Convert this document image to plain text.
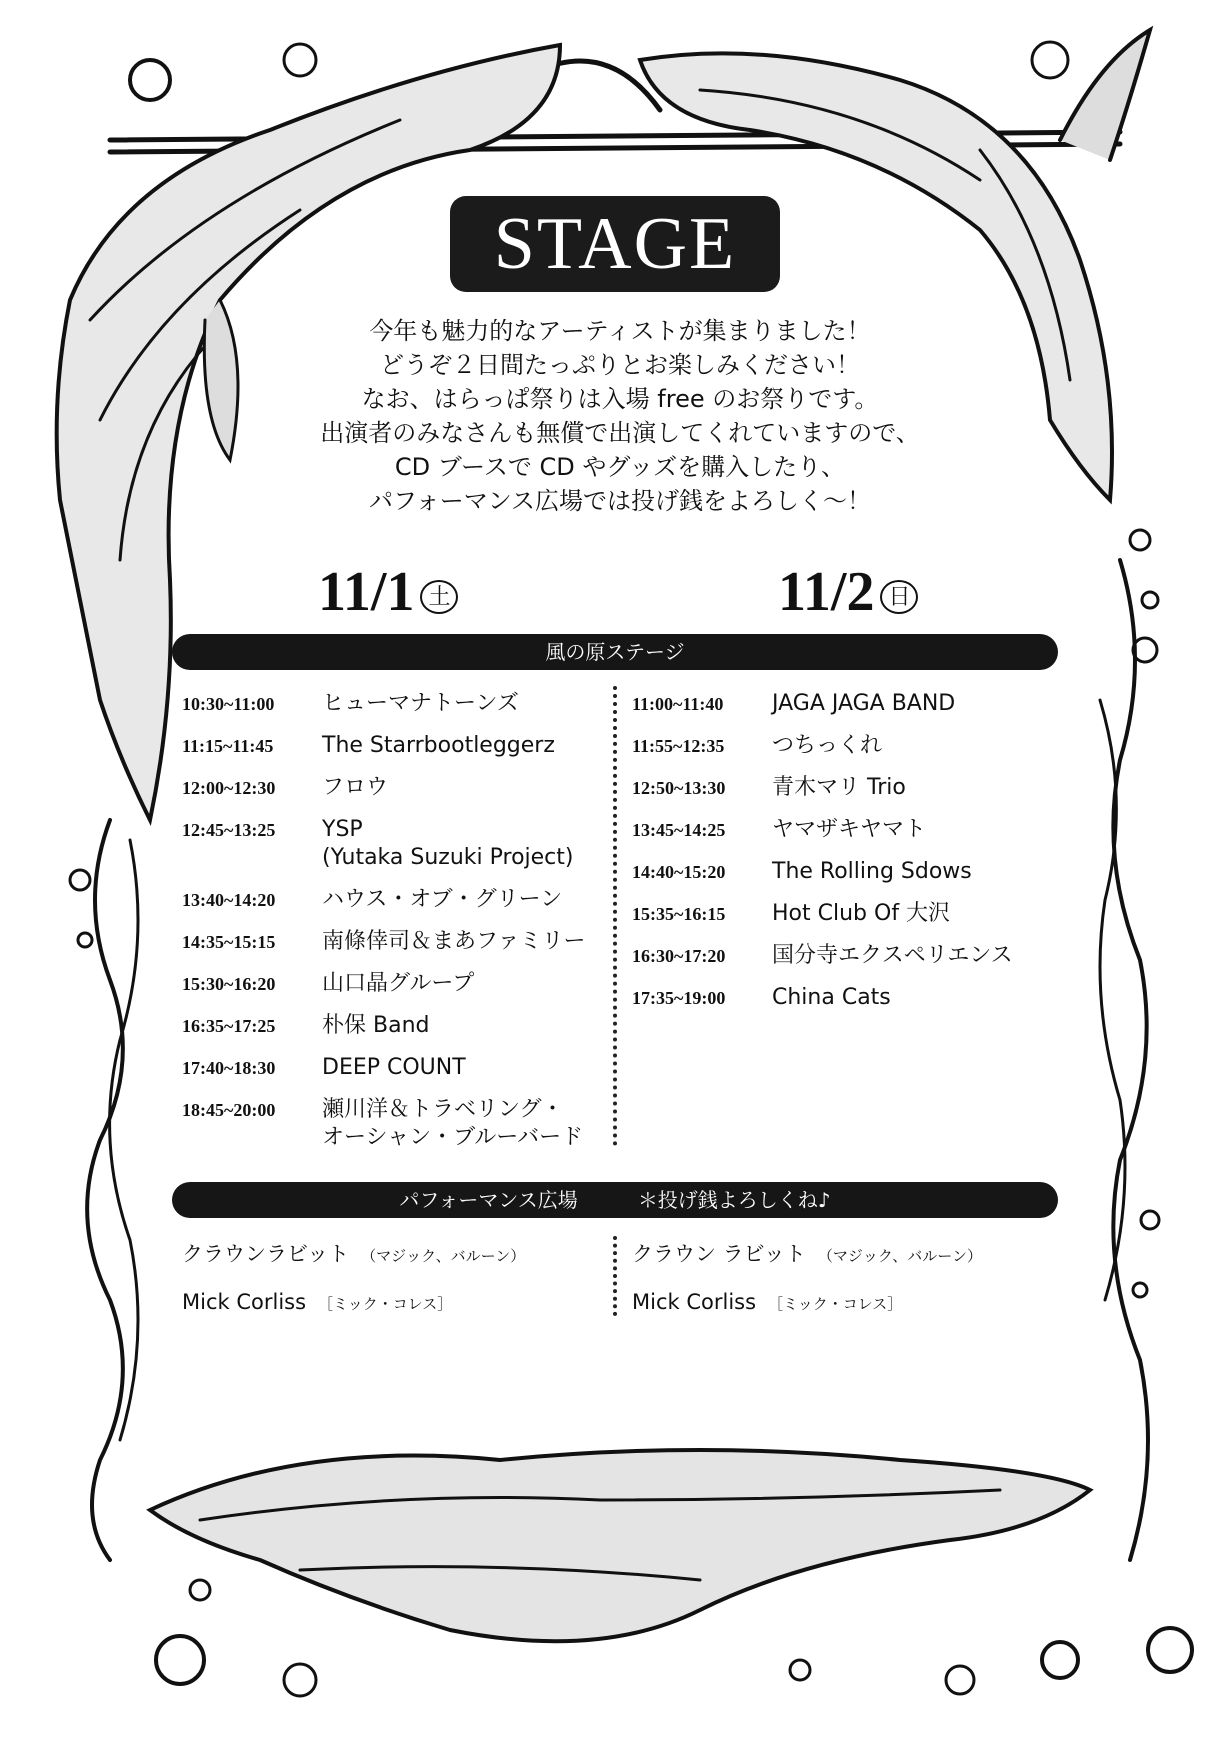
STAGE
今年も魅力的なアーティストが集まりました！
どうぞ２日間たっぷりとお楽しみください！
なお、はらっぱ祭りは入場 free のお祭りです。
出演者のみなさんも無償で出演してくれていますので、
CD ブースで CD やグッズを購入したり、
パフォーマンス広場では投げ銭をよろしく〜！
11/1 土	11/2 日
風の原ステージ
10:30~11:00	ヒューマナトーンズ
11:15~11:45	The Starrbootleggerz
12:00~12:30	フロウ
12:45~13:25	YSP
(Yutaka Suzuki Project)
13:40~14:20	ハウス・オブ・グリーン
14:35~15:15	南條倖司＆まあファミリー
15:30~16:20	山口晶グループ
16:35~17:25	朴保 Band
17:40~18:30	DEEP COUNT
18:45~20:00	瀬川洋＆トラベリング・
オーシャン・ブルーバード
11:00~11:40	JAGA JAGA BAND
11:55~12:35	つちっくれ
12:50~13:30	青木マリ Trio
13:45~14:25	ヤマザキヤマト
14:40~15:20	The Rolling Sdows
15:35~16:15	Hot Club Of 大沢
16:30~17:20	国分寺エクスペリエンス
17:35~19:00	China Cats
パフォーマンス広場	＊投げ銭よろしくね♪
クラウンラビット （マジック、バルーン）
Mick Corliss ［ミック・コレス］
クラウン ラビット （マジック、バルーン）
Mick Corliss ［ミック・コレス］
